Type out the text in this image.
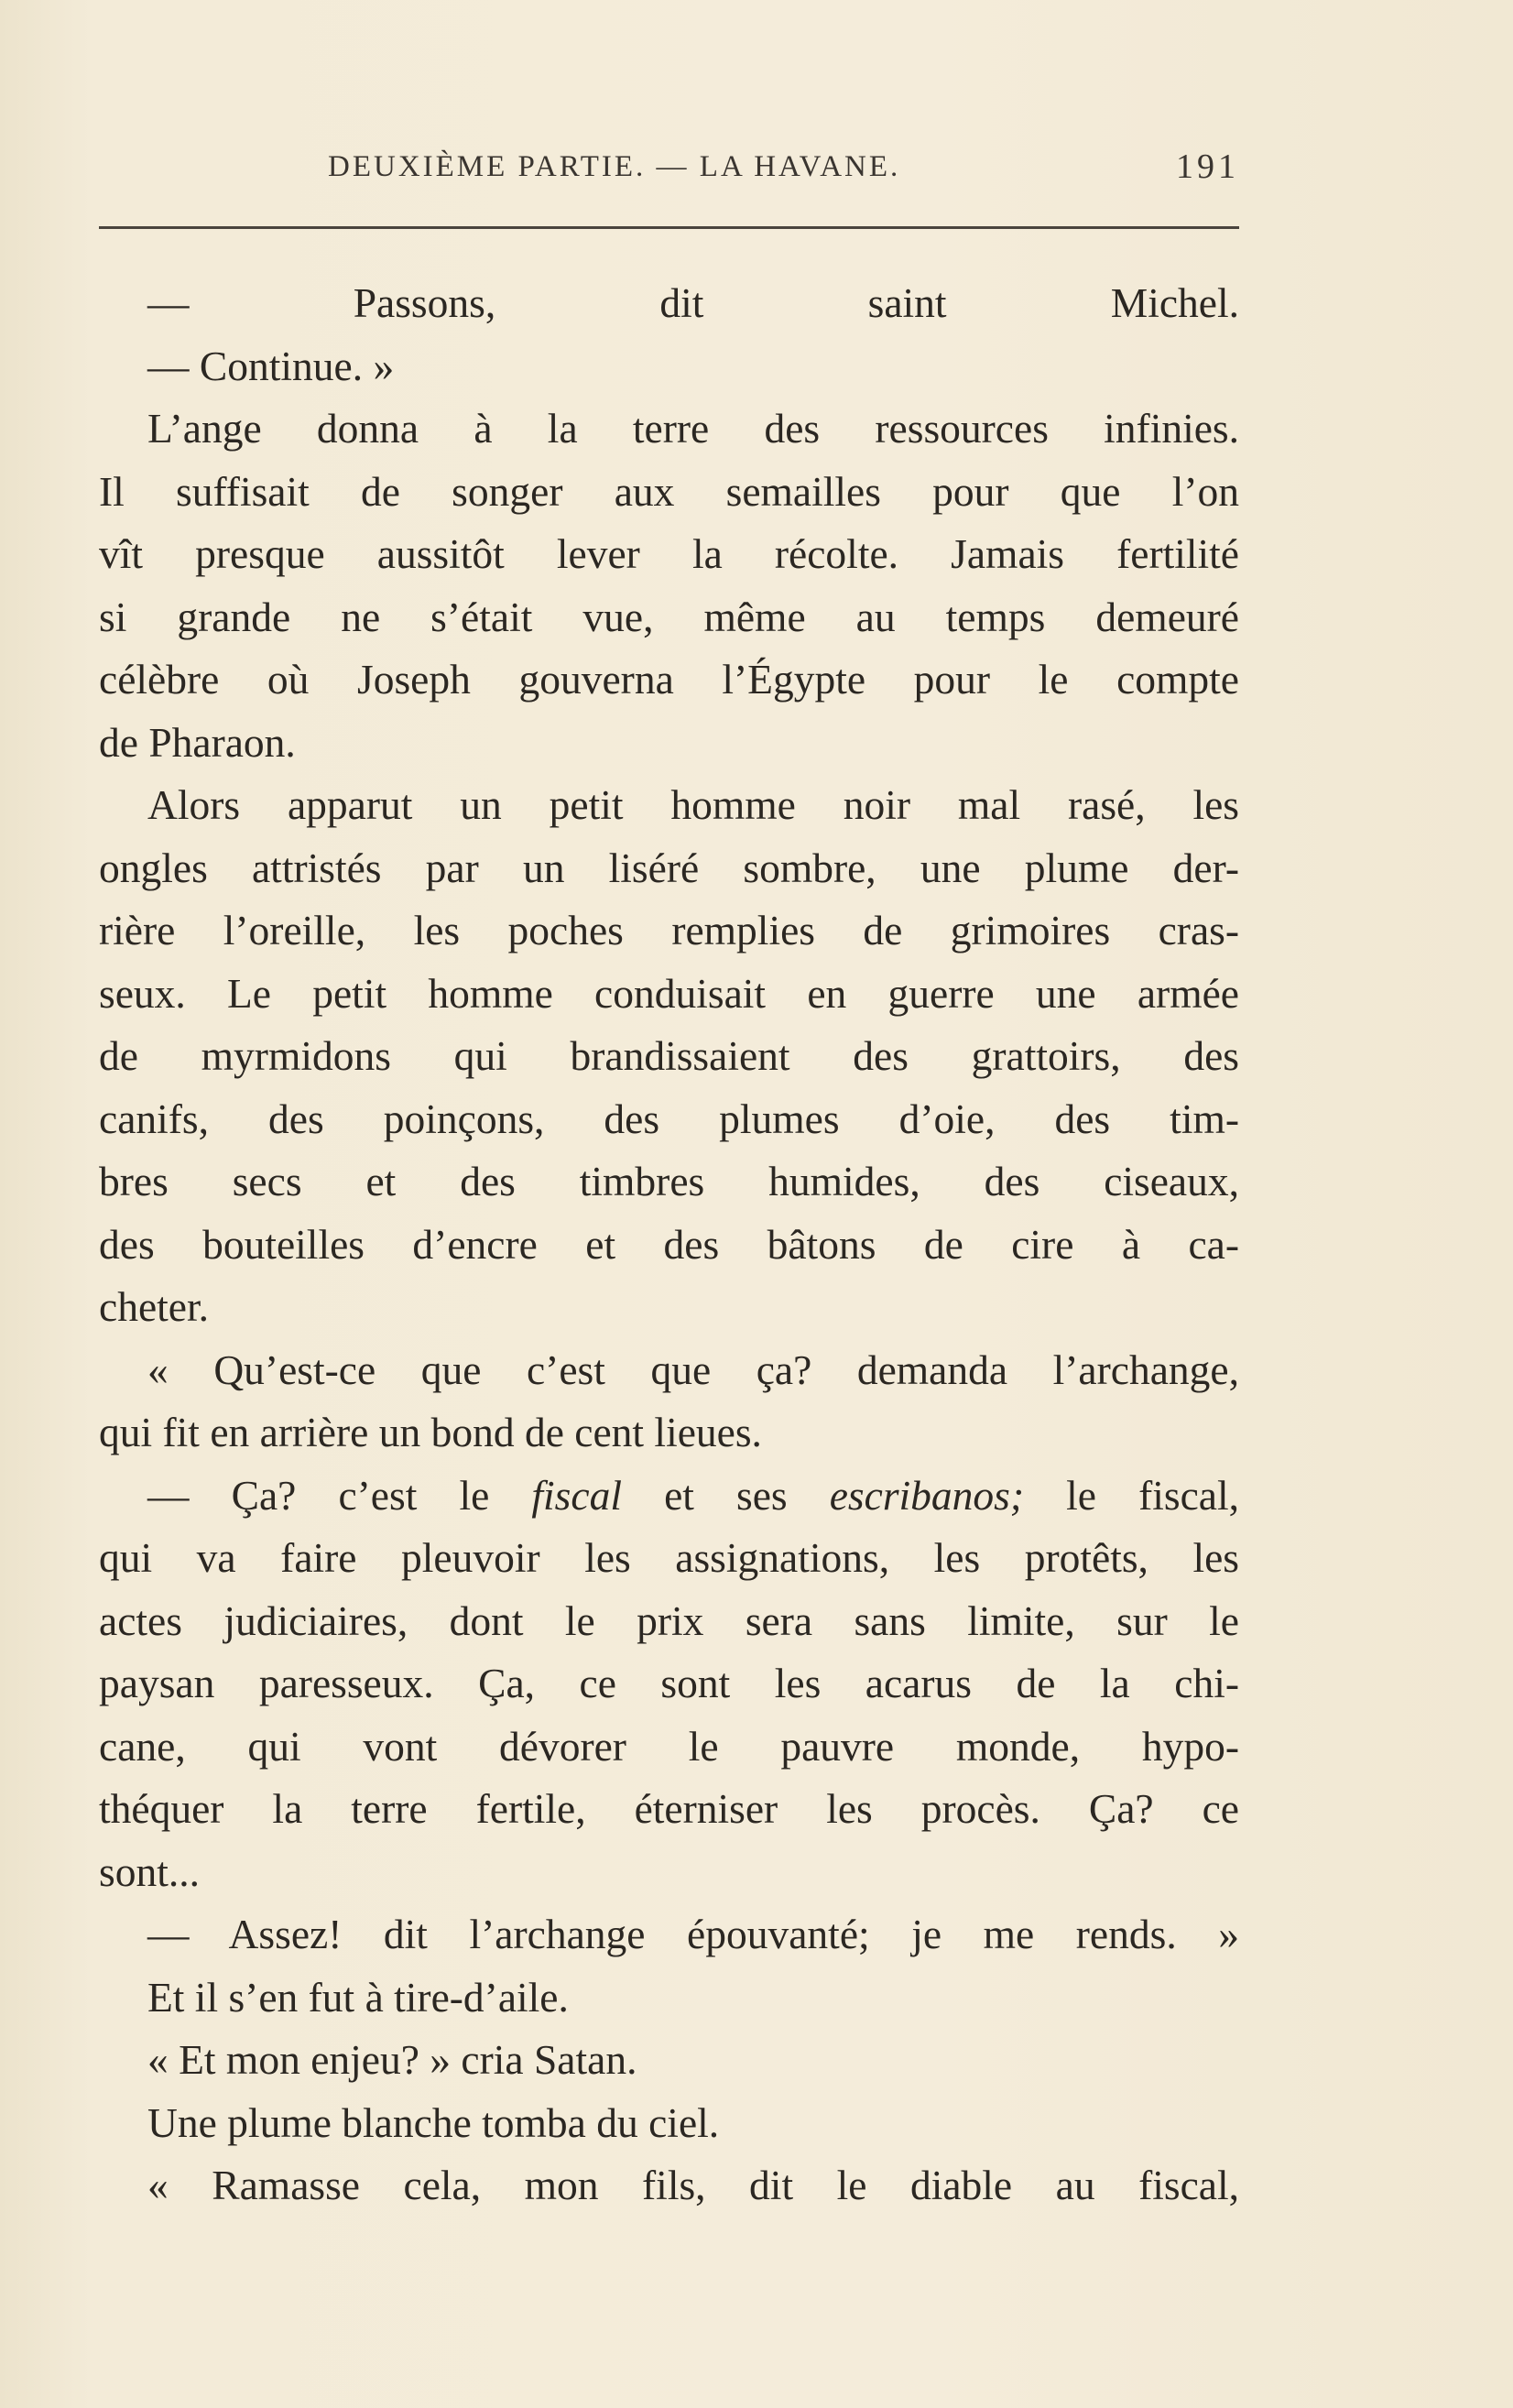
DEUXIÈME PARTIE. — LA HAVANE.	191
— Passons, dit saint Michel.
— Continue. »
L’ange donna à la terre des ressources infinies.
Il suffisait de songer aux semailles pour que l’on
vît presque aussitôt lever la récolte. Jamais fertilité
si grande ne s’était vue, même au temps demeuré
célèbre où Joseph gouverna l’Égypte pour le compte
de Pharaon.
Alors apparut un petit homme noir mal rasé, les
ongles attristés par un liséré sombre, une plume der-
rière l’oreille, les poches remplies de grimoires cras-
seux. Le petit homme conduisait en guerre une armée
de myrmidons qui brandissaient des grattoirs, des
canifs, des poinçons, des plumes d’oie, des tim-
bres secs et des timbres humides, des ciseaux,
des bouteilles d’encre et des bâtons de cire à ca-
cheter.
« Qu’est-ce que c’est que ça? demanda l’archange,
qui fit en arrière un bond de cent lieues.
— Ça? c’est le fiscal et ses escribanos; le fiscal,
qui va faire pleuvoir les assignations, les protêts, les
actes judiciaires, dont le prix sera sans limite, sur le
paysan paresseux. Ça, ce sont les acarus de la chi-
cane, qui vont dévorer le pauvre monde, hypo-
théquer la terre fertile, éterniser les procès. Ça? ce
sont...
— Assez! dit l’archange épouvanté; je me rends. »
Et il s’en fut à tire-d’aile.
« Et mon enjeu? » cria Satan.
Une plume blanche tomba du ciel.
« Ramasse cela, mon fils, dit le diable au fiscal,
